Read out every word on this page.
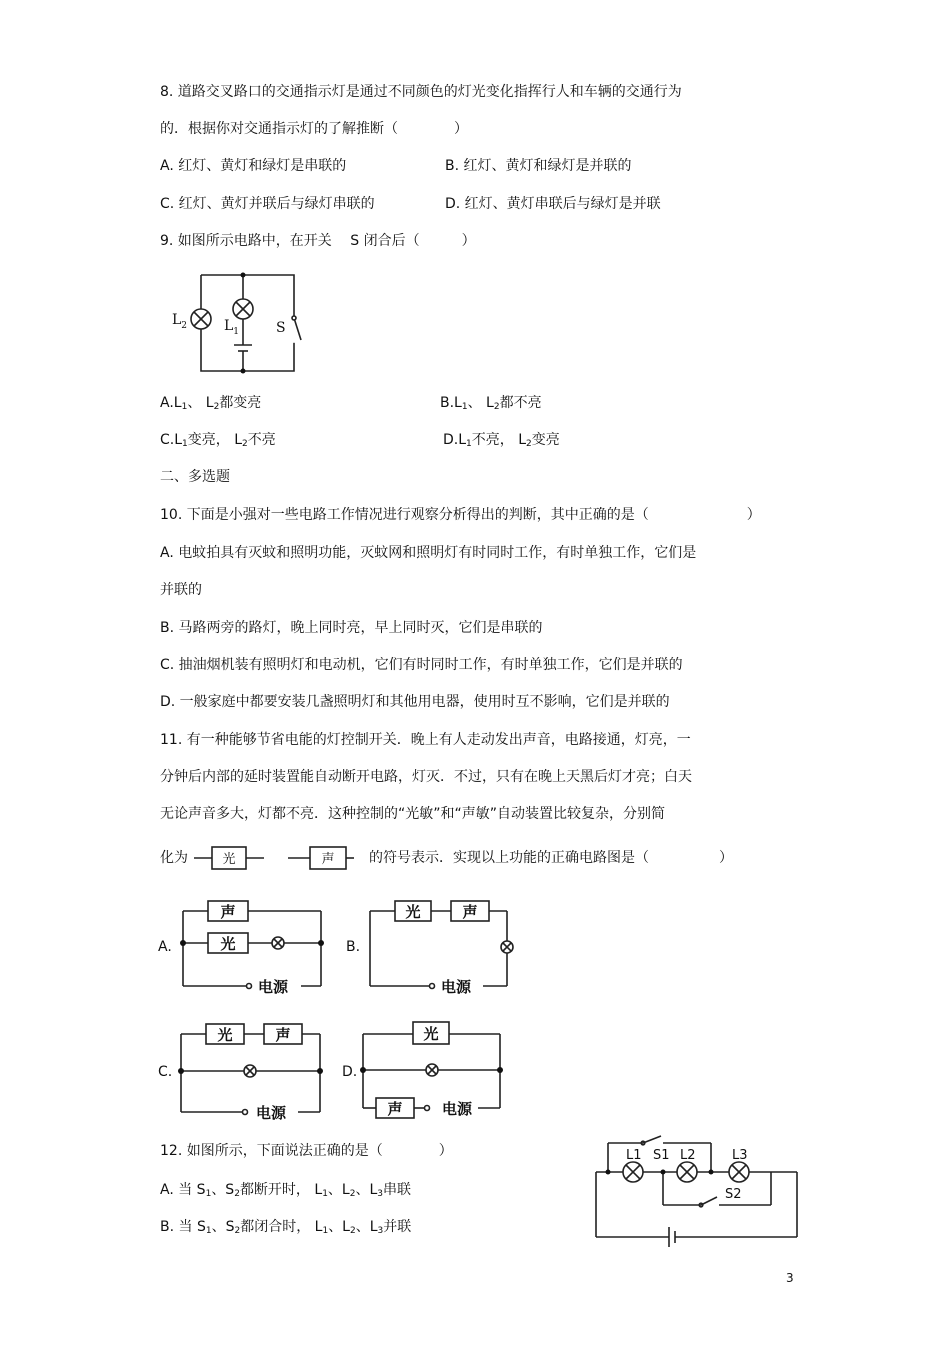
8. 道路交叉路口的交通指示灯是通过不同颜色的灯光变化指挥行人和车辆的交通行为
的．根据你对交通指示灯的了解推断（　　　　）
A. 红灯、黄灯和绿灯是串联的	B. 红灯、黄灯和绿灯是并联的
C. 红灯、黄灯并联后与绿灯串联的	D. 红灯、黄灯串联后与绿灯是并联
9. 如图所示电路中，在开关　 S 闭合后（　　　）
$L_2$	$L_1$	S
$A.L_1$、 $L_2$都变亮	$B.L_1$、 $L_2$都不亮
$C.L_1$变亮， $L_2$不亮	$D.L_1$不亮， $L_2$变亮
二、多选题
10. 下面是小强对一些电路工作情况进行观察分析得出的判断，其中正确的是（　　　　　　　）
A. 电蚊拍具有灭蚊和照明功能，灭蚊网和照明灯有时同时工作，有时单独工作，它们是
并联的
B. 马路两旁的路灯，晚上同时亮，早上同时灭，它们是串联的
C. 抽油烟机装有照明灯和电动机，它们有时同时工作，有时单独工作，它们是并联的
D. 一般家庭中都要安装几盏照明灯和其他用电器，使用时互不影响，它们是并联的
11. 有一种能够节省电能的灯控制开关．晚上有人走动发出声音，电路接通，灯亮，一
分钟后内部的延时装置能自动断开电路，灯灭．不过，只有在晚上天黑后灯才亮；白天
无论声音多大，灯都不亮．这种控制的“光敏”和“声敏”自动装置比较复杂，分别简
化为	光	声 的符号表示．实现以上功能的正确电路图是（　　　　　）
A.
声
光
电源
B.
光	声
电源
C.
光	声
电源
D.
光
声	电源
12. 如图所示，下面说法正确的是（　　　　）
A. 当 $S_1$、$S_2$都断开时， $L_1$、$L_2$、$L_3$串联
B. 当 $S_1$、$S_2$都闭合时， $L_1$、$L_2$、$L_3$并联
L1 S1 L2	L3
S2
3
